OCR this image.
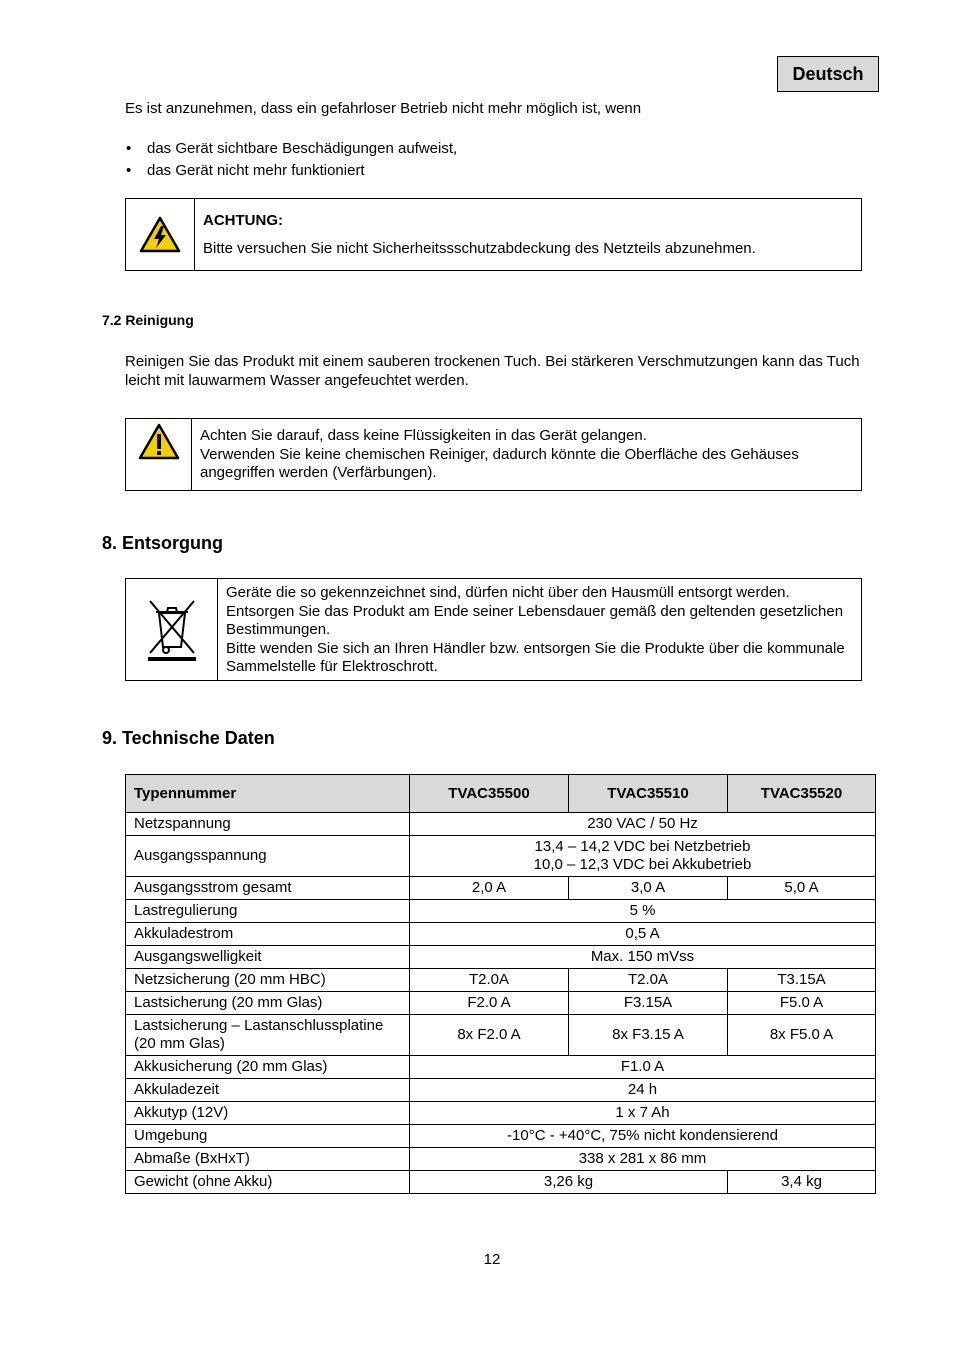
Deutsch
Es ist anzunehmen, dass ein gefahrloser Betrieb nicht mehr möglich ist, wenn
• das Gerät sichtbare Beschädigungen aufweist,
• das Gerät nicht mehr funktioniert
ACHTUNG:
Bitte versuchen Sie nicht Sicherheitssschutzabdeckung des Netzteils abzunehmen.
7.2 Reinigung
Reinigen Sie das Produkt mit einem sauberen trockenen Tuch. Bei stärkeren Verschmutzungen kann das Tuch leicht mit lauwarmem Wasser angefeuchtet werden.
Achten Sie darauf, dass keine Flüssigkeiten in das Gerät gelangen.
Verwenden Sie keine chemischen Reiniger, dadurch könnte die Oberfläche des Gehäuses angegriffen werden (Verfärbungen).
8. Entsorgung
Geräte die so gekennzeichnet sind, dürfen nicht über den Hausmüll entsorgt werden.
Entsorgen Sie das Produkt am Ende seiner Lebensdauer gemäß den geltenden gesetzlichen Bestimmungen.
Bitte wenden Sie sich an Ihren Händler bzw. entsorgen Sie die Produkte über die kommunale Sammelstelle für Elektroschrott.
9. Technische Daten
Typennummer	TVAC35500	TVAC35510	TVAC35520
Netzspannung	230 VAC / 50 Hz		
Ausgangsspannung	13,4 – 14,2 VDC bei Netzbetrieb
10,0 – 12,3 VDC bei Akkubetrieb		

Ausgangsstrom gesamt	2,0 A	3,0 A	5,0 A
Lastregulierung	5 %		
Akkuladestrom	0,5 A		
Ausgangswelligkeit	Max. 150 mVss		
Netzsicherung (20 mm HBC)	T2.0A	T2.0A	T3.15A
Lastsicherung (20 mm Glas)	F2.0 A	F3.15A	F5.0 A

Lastsicherung – Lastanschlussplatine
(20 mm Glas)	8x F2.0 A	8x F3.15 A	8x F5.0 A
Akkusicherung (20 mm Glas)	F1.0 A		
Akkuladezeit	24 h		
Akkutyp (12V)	1 x 7 Ah		
Umgebung	-10°C - +40°C, 75% nicht kondensierend		
Abmaße (BxHxT)	338 x 281 x 86 mm		
Gewicht (ohne Akku)	3,26 kg		3,4 kg
12
